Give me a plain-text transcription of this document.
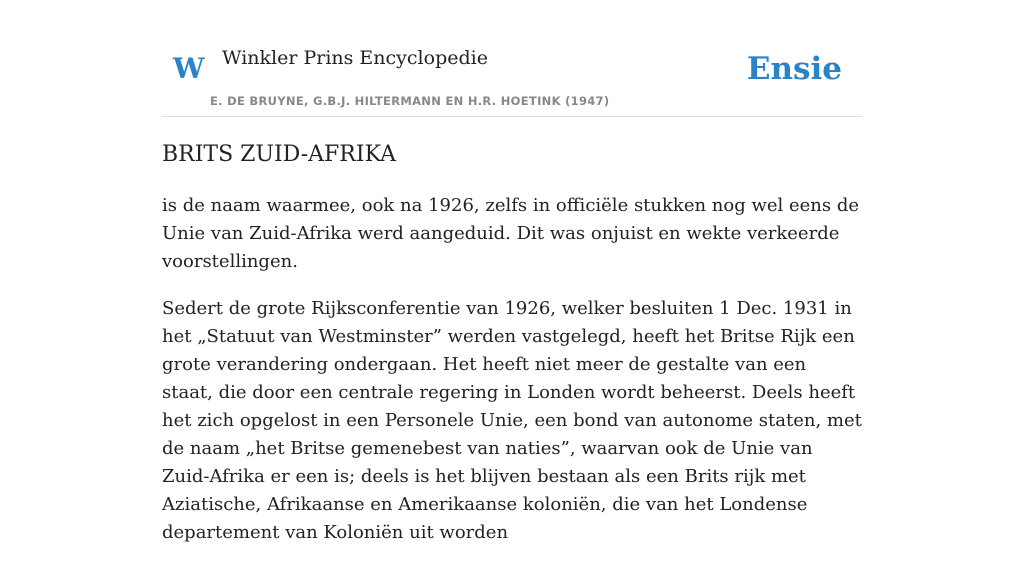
W Winkler Prins Encyclopedie
E. DE BRUYNE, G.B.J. HILTERMANN EN H.R. HOETINK (1947)
Ensie
BRITS ZUID-AFRIKA

is de naam waarmee, ook na 1926, zelfs in officiële stukken nog wel eens de Unie van Zuid-Afrika werd aangeduid. Dit was onjuist en wekte verkeerde voorstellingen.

Sedert de grote Rijksconferentie van 1926, welker besluiten 1 Dec. 1931 in het „Statuut van Westminster” werden vastgelegd, heeft het Britse Rijk een grote verandering ondergaan. Het heeft niet meer de gestalte van een staat, die door een centrale regering in Londen wordt beheerst. Deels heeft het zich opgelost in een Personele Unie, een bond van autonome staten, met de naam „het Britse gemenebest van naties”, waarvan ook de Unie van Zuid-Afrika er een is; deels is het blijven bestaan als een Brits rijk met Aziatische, Afrikaanse en Amerikaanse koloniën, die van het Londense departement van Koloniën uit worden
